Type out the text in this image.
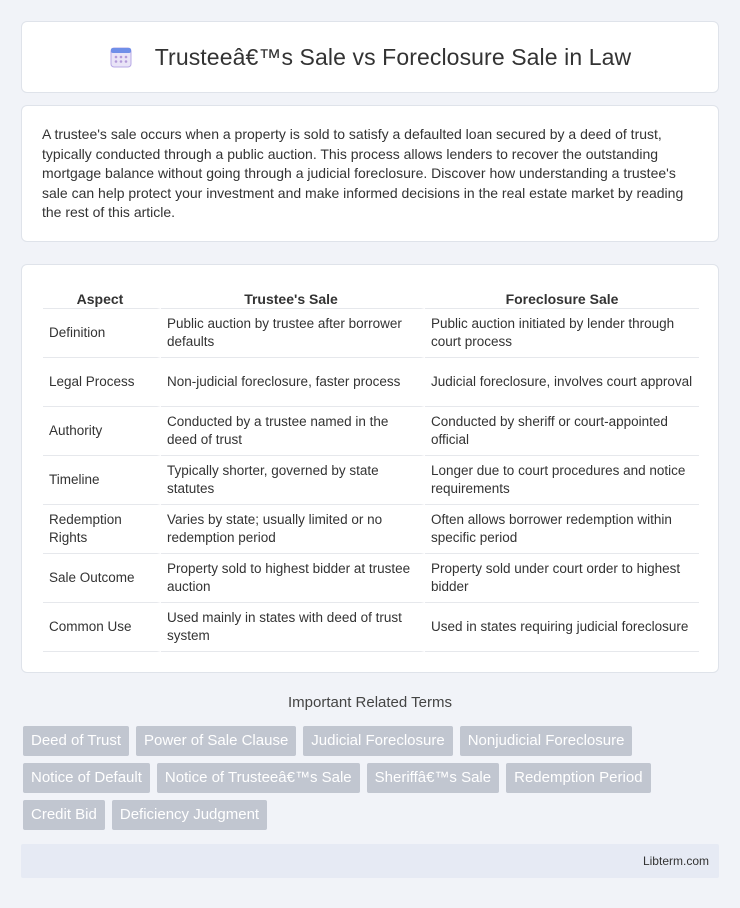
Trusteeâ€™s Sale vs Foreclosure Sale in Law

A trustee's sale occurs when a property is sold to satisfy a defaulted loan secured by a deed of trust, typically conducted through a public auction. This process allows lenders to recover the outstanding mortgage balance without going through a judicial foreclosure. Discover how understanding a trustee's sale can help protect your investment and make informed decisions in the real estate market by reading the rest of this article.

Aspect	Trustee's Sale	Foreclosure Sale
Definition	Public auction by trustee after borrower defaults	Public auction initiated by lender through court process
Legal Process	Non-judicial foreclosure, faster process	Judicial foreclosure, involves court approval
Authority	Conducted by a trustee named in the deed of trust	Conducted by sheriff or court-appointed official
Timeline	Typically shorter, governed by state statutes	Longer due to court procedures and notice requirements
Redemption Rights	Varies by state; usually limited or no redemption period	Often allows borrower redemption within specific period
Sale Outcome	Property sold to highest bidder at trustee auction	Property sold under court order to highest bidder
Common Use	Used mainly in states with deed of trust system	Used in states requiring judicial foreclosure
Important Related Terms
Deed of Trust	Power of Sale Clause	Judicial Foreclosure	Nonjudicial Foreclosure
Notice of Default	Notice of Trusteeâ€™s Sale	Sheriffâ€™s Sale	Redemption Period
Credit Bid	Deficiency Judgment
Libterm.com
